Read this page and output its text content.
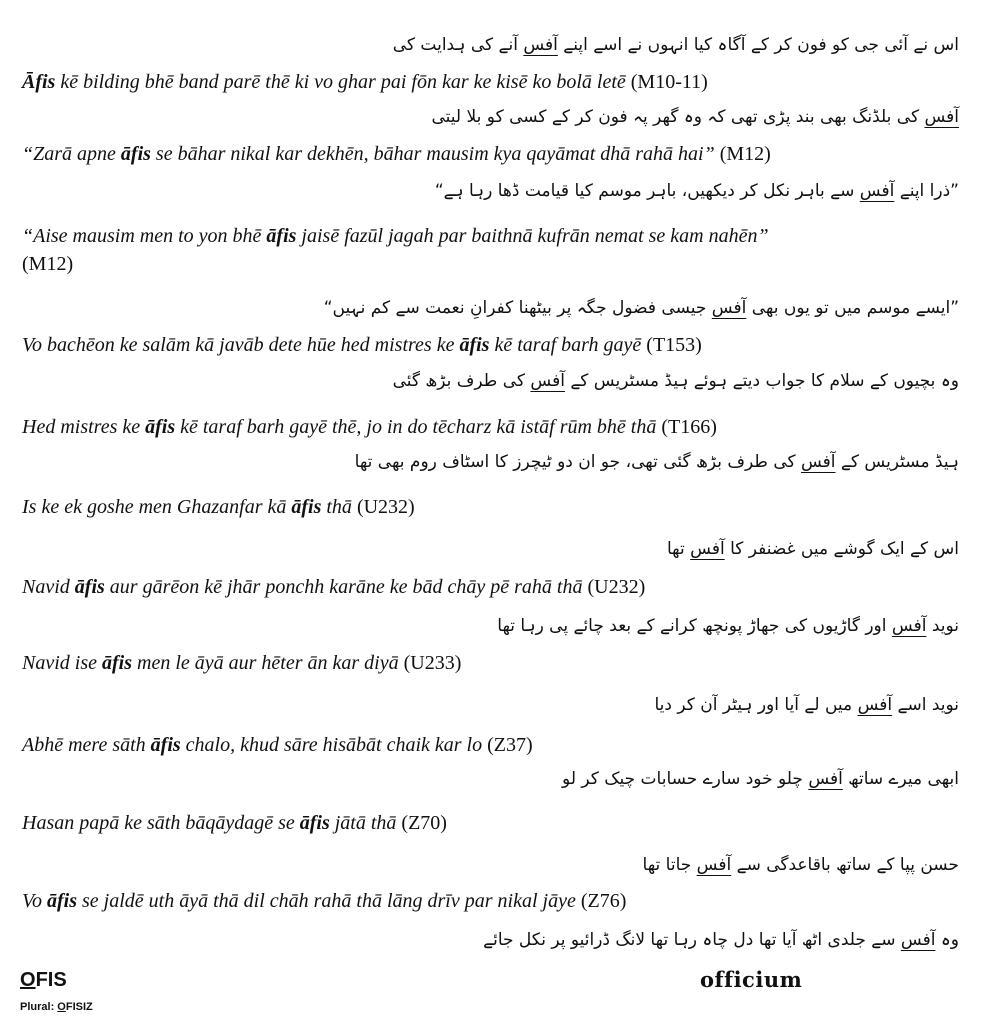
اس نے آئی جی کو فون کر کے آگاہ کیا انہوں نے اسے اپنے آفس آنے کی ہدایت کی
Āfis kē bilding bhē band parē thē ki vo ghar pai fōn kar ke kisē ko bolā letē (M10-11)
آفس کی بلڈنگ بھی بند پڑی تھی کہ وہ گھر پہ فون کر کے کسی کو بلا لیتی
“Zarā apne āfis se bāhar nikal kar dekhēn, bāhar mausim kya qayāmat dhā rahā hai” (M12)
”ذرا اپنے آفس سے باہر نکل کر دیکھیں، باہر موسم کیا قیامت ڈھا رہا ہے“
“Aise mausim men to yon bhē āfis jaisē fazūl jagah par baithnā kufrān nemat se kam nahēn”
(M12)
”ایسے موسم میں تو یوں بھی آفس جیسی فضول جگہ پر بیٹھنا کفرانِ نعمت سے کم نہیں“
Vo bachēon ke salām kā javāb dete hūe hed mistres ke āfis kē taraf barh gayē (T153)
وہ بچیوں کے سلام کا جواب دیتے ہوئے ہیڈ مسٹریس کے آفس کی طرف بڑھ گئی
Hed mistres ke āfis kē taraf barh gayē thē, jo in do tēcharz kā istāf rūm bhē thā (T166)
ہیڈ مسٹریس کے آفس کی طرف بڑھ گئی تھی، جو ان دو ٹیچرز کا اسٹاف روم بھی تھا
Is ke ek goshe men Ghazanfar kā āfis thā (U232)
اس کے ایک گوشے میں غضنفر کا آفس تھا
Navid āfis aur gārēon kē jhār ponchh karāne ke bād chāy pē rahā thā (U232)
نوید آفس اور گاڑیوں کی جھاڑ پونچھ کرانے کے بعد چائے پی رہا تھا
Navid ise āfis men le āyā aur hēter ān kar diyā (U233)
نوید اسے آفس میں لے آیا اور ہیٹر آن کر دیا
Abhē mere sāth āfis chalo, khud sāre hisābāt chaik kar lo (Z37)
ابھی میرے ساتھ آفس چلو خود سارے حسابات چیک کر لو
Hasan papā ke sāth bāqāydagē se āfis jātā thā (Z70)
حسن پپا کے ساتھ باقاعدگی سے آفس جاتا تھا
Vo āfis se jaldē uth āyā thā dil chāh rahā thā lāng drīv par nikal jāye (Z76)
وہ آفس سے جلدی اٹھ آیا تھا دل چاہ رہا تھا لانگ ڈرائیو پر نکل جائے
OFIS
Plural: OFISIZ
officium
